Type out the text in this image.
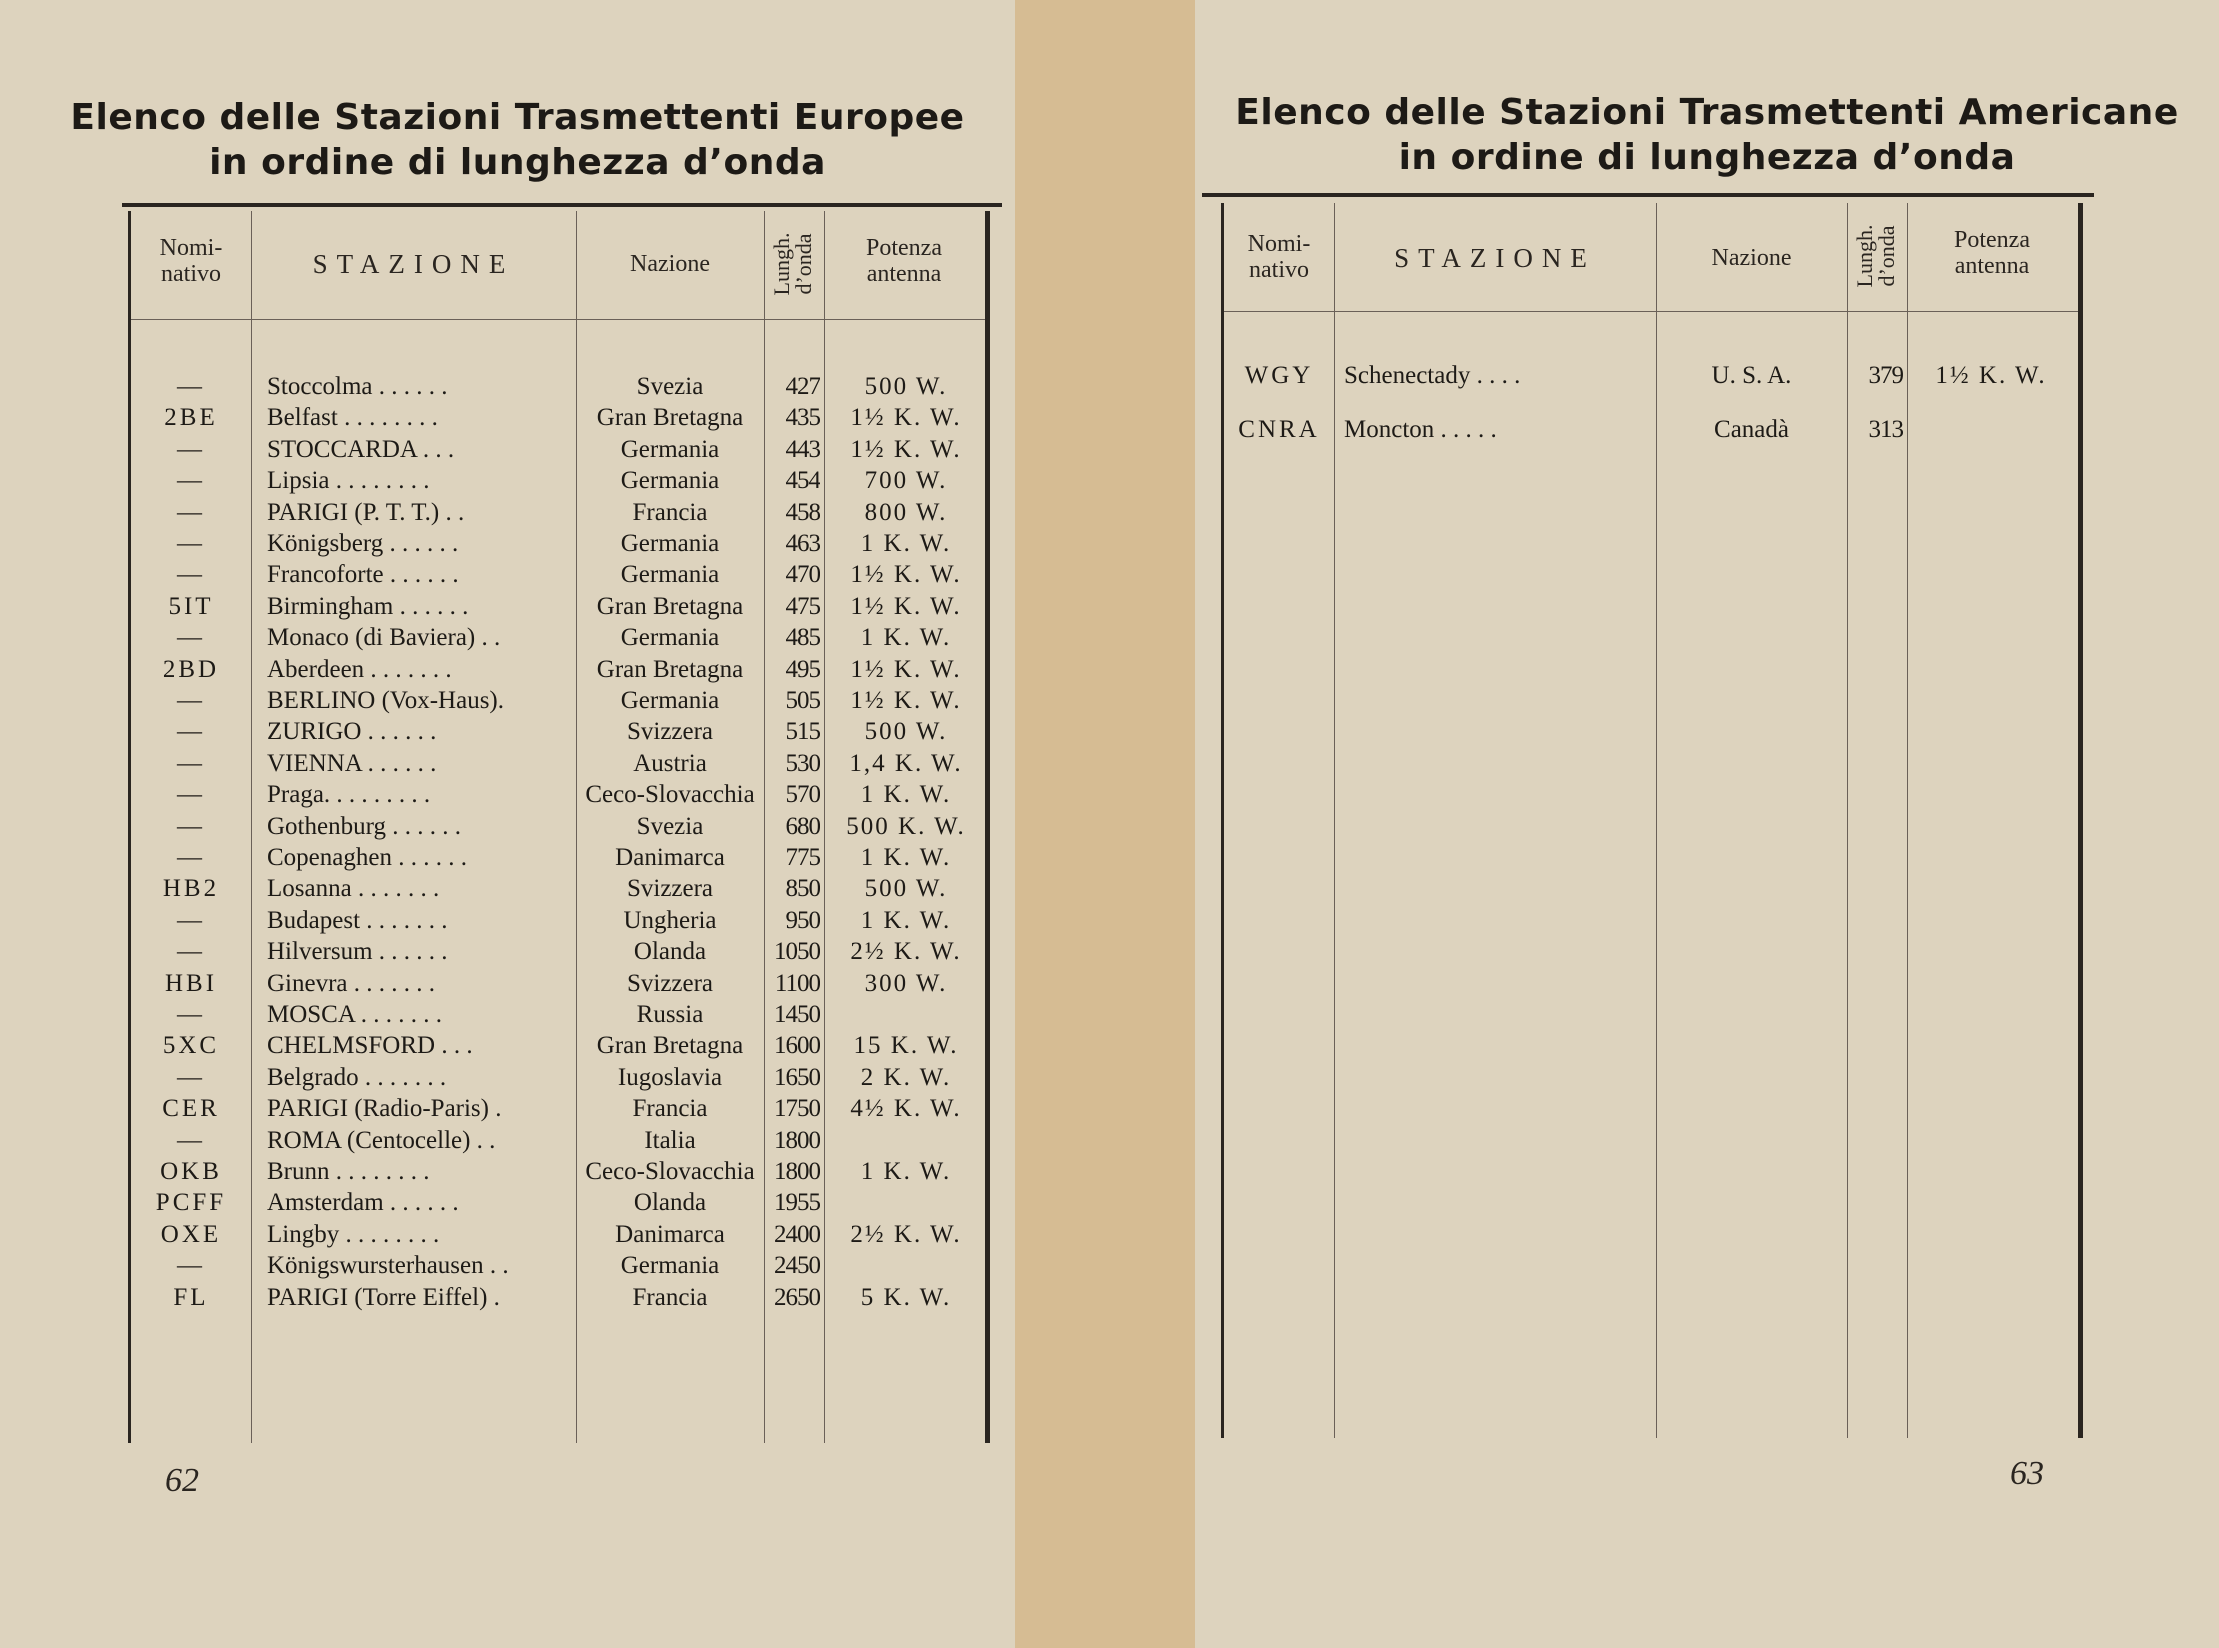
Elenco delle Stazioni Trasmettenti Europee
in ordine di lunghezza d’onda
Nomi-
nativo	STAZIONE	Nazione	Lungh.
d’onda	Potenza
antenna
—	Stoccolma . . . . . .	Svezia	427	500 W.
2BE	Belfast . . . . . . . .	Gran Bretagna	435	1½ K. W.
—	STOCCARDA . . .	Germania	443	1½ K. W.
—	Lipsia . . . . . . . .	Germania	454	700 W.
—	PARIGI (P. T. T.) . .	Francia	458	800 W.
—	Königsberg . . . . . .	Germania	463	1 K. W.
—	Francoforte . . . . . .	Germania	470	1½ K. W.
5IT	Birmingham . . . . . .	Gran Bretagna	475	1½ K. W.
—	Monaco (di Baviera) . .	Germania	485	1 K. W.
2BD	Aberdeen . . . . . . .	Gran Bretagna	495	1½ K. W.
—	BERLINO (Vox-Haus).	Germania	505	1½ K. W.
—	ZURIGO . . . . . .	Svizzera	515	500 W.
—	VIENNA . . . . . .	Austria	530	1,4 K. W.
—	Praga. . . . . . . . .	Ceco-Slovacchia	570	1 K. W.
—	Gothenburg . . . . . .	Svezia	680	500 K. W.
—	Copenaghen . . . . . .	Danimarca	775	1 K. W.
HB2	Losanna . . . . . . .	Svizzera	850	500 W.
—	Budapest . . . . . . .	Ungheria	950	1 K. W.
—	Hilversum . . . . . .	Olanda	1050	2½ K. W.
HBI	Ginevra . . . . . . .	Svizzera	1100	300 W.
—	MOSCA . . . . . . .	Russia	1450
5XC	CHELMSFORD . . .	Gran Bretagna	1600	15 K. W.
—	Belgrado . . . . . . .	Iugoslavia	1650	2 K. W.
CER	PARIGI (Radio-Paris) .	Francia	1750	4½ K. W.
—	ROMA (Centocelle) . .	Italia	1800
OKB	Brunn . . . . . . . .	Ceco-Slovacchia 1800	1 K. W.
PCFF	Amsterdam . . . . . .	Olanda	1955
OXE	Lingby . . . . . . . .	Danimarca	2400	2½ K. W.
—	Königswursterhausen . .	Germania	2450
FL	PARIGI (Torre Eiffel) .	Francia	2650	5 K. W.
62
Elenco delle Stazioni Trasmettenti Americane
in ordine di lunghezza d’onda
Nomi-
nativo	STAZIONE	Nazione	Lungh.
d’onda	Potenza
antenna
WGY	Schenectady . . . .	U. S. A.	379	1½ K. W.
CNRA Moncton . . . . .	Canadà	313
63
